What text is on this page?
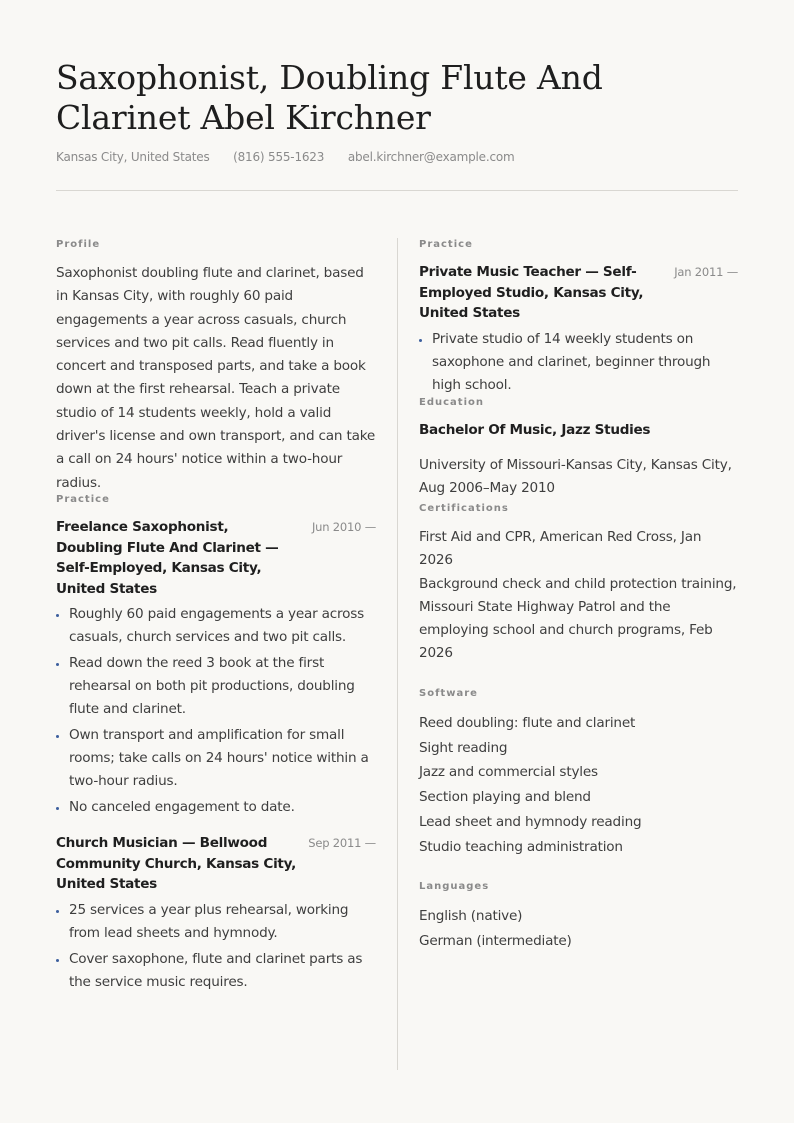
Saxophonist, Doubling Flute And Clarinet Abel Kirchner
Kansas City, United States (816) 555-1623 abel.kirchner@example.com
Profile

Saxophonist doubling flute and clarinet, based in Kansas City, with roughly 60 paid engagements a year across casuals, church services and two pit calls. Read fluently in concert and transposed parts, and take a book down at the first rehearsal. Teach a private studio of 14 students weekly, hold a valid driver's license and own transport, and can take a call on 24 hours' notice within a two-hour radius.

Practice
Freelance Saxophonist, Doubling Flute And Clarinet — Self-Employed, Kansas City, United States
Jun 2010 —
Roughly 60 paid engagements a year across casuals, church services and two pit calls.
Read down the reed 3 book at the first rehearsal on both pit productions, doubling flute and clarinet.
Own transport and amplification for small rooms; take calls on 24 hours' notice within a two-hour radius.
No canceled engagement to date.
Church Musician — Bellwood Community Church, Kansas City, United States
Sep 2011 —
25 services a year plus rehearsal, working from lead sheets and hymnody.
Cover saxophone, flute and clarinet parts as the service music requires.
Practice
Private Music Teacher — Self-Employed Studio, Kansas City, United States
Jan 2011 —
Private studio of 14 weekly students on saxophone and clarinet, beginner through high school.
Education
Bachelor Of Music, Jazz Studies

University of Missouri-Kansas City, Kansas City, Aug 2006–May 2010

Certifications

First Aid and CPR, American Red Cross, Jan 2026

Background check and child protection training, Missouri State Highway Patrol and the employing school and church programs, Feb 2026

Software
Reed doubling: flute and clarinet
Sight reading
Jazz and commercial styles
Section playing and blend
Lead sheet and hymnody reading
Studio teaching administration
Languages
English (native)
German (intermediate)
